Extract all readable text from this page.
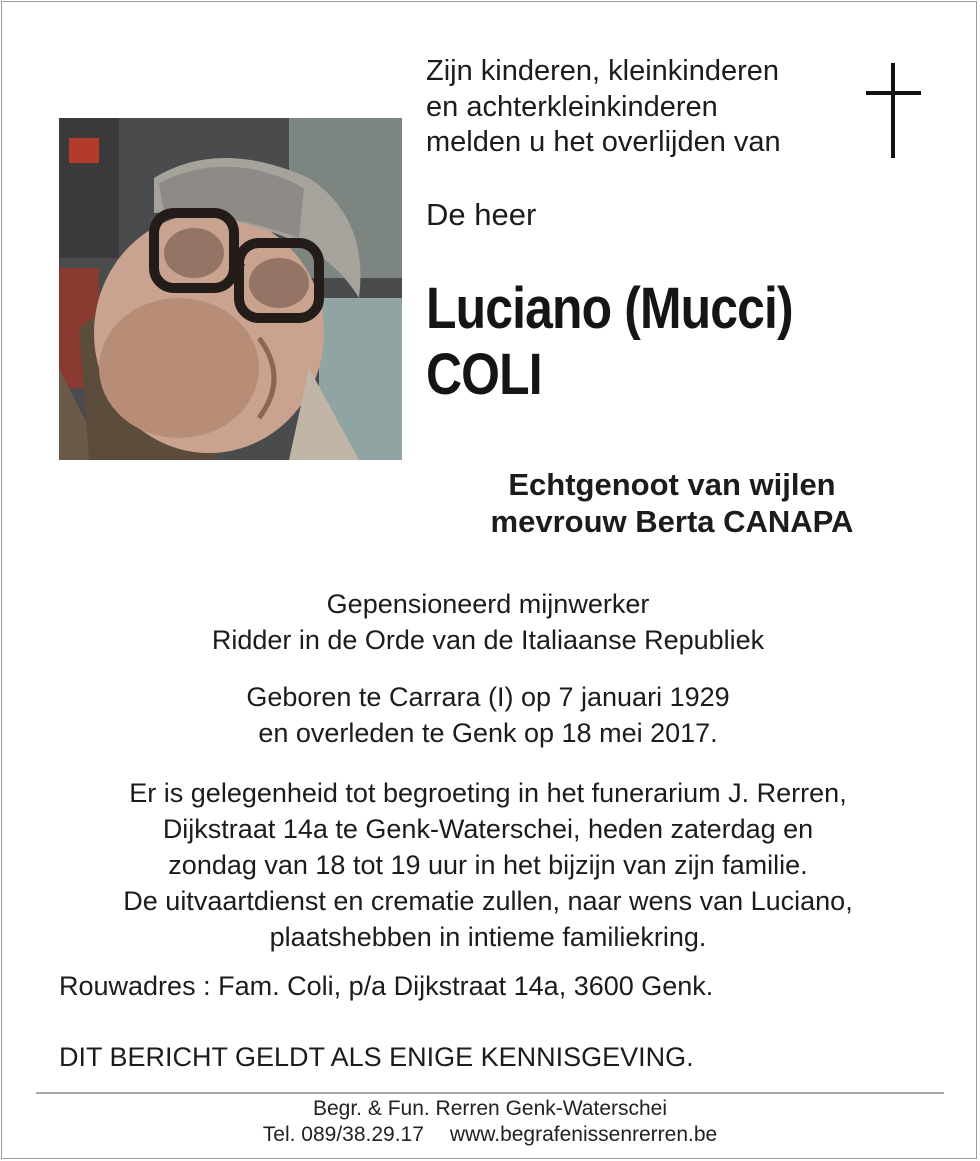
Zijn kinderen, kleinkinderen
en achterkleinkinderen
melden u het overlijden van
De heer
Luciano (Mucci)
COLI
Echtgenoot van wijlen
mevrouw Berta CANAPA
Gepensioneerd mijnwerker
Ridder in de Orde van de Italiaanse Republiek
Geboren te Carrara (I) op 7 januari 1929
en overleden te Genk op 18 mei 2017.
Er is gelegenheid tot begroeting in het funerarium J. Rerren,
Dijkstraat 14a te Genk-Waterschei, heden zaterdag en
zondag van 18 tot 19 uur in het bijzijn van zijn familie.
De uitvaartdienst en crematie zullen, naar wens van Luciano,
plaatshebben in intieme familiekring.
Rouwadres : Fam. Coli, p/a Dijkstraat 14a, 3600 Genk.
DIT BERICHT GELDT ALS ENIGE KENNISGEVING.
Begr. & Fun. Rerren Genk-Waterschei
Tel. 089/38.29.17 www.begrafenissenrerren.be
